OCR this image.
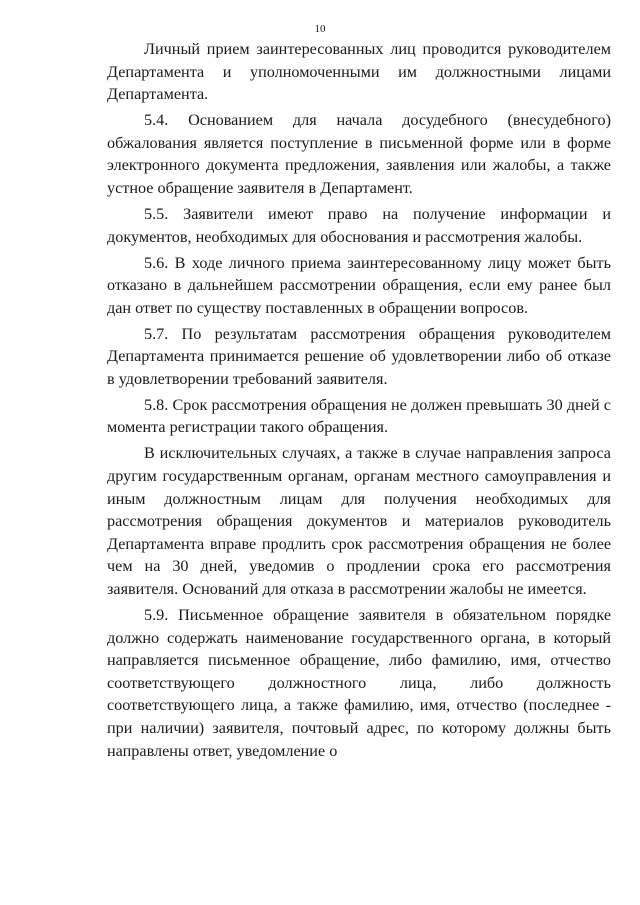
10

Личный прием заинтересованных лиц проводится руководителем Департамента и уполномоченными им должностными лицами Департамента.

5.4. Основанием для начала досудебного (внесудебного) обжалования является поступление в письменной форме или в форме электронного документа предложения, заявления или жалобы, а также устное обращение заявителя в Департамент.

5.5. Заявители имеют право на получение информации и документов, необходимых для обоснования и рассмотрения жалобы.

5.6. В ходе личного приема заинтересованному лицу может быть отказано в дальнейшем рассмотрении обращения, если ему ранее был дан ответ по существу поставленных в обращении вопросов.

5.7. По результатам рассмотрения обращения руководителем Департамента принимается решение об удовлетворении либо об отказе в удовлетворении требований заявителя.

5.8. Срок рассмотрения обращения не должен превышать 30 дней с момента регистрации такого обращения.

В исключительных случаях, а также в случае направления запроса другим государственным органам, органам местного самоуправления и иным должностным лицам для получения необходимых для рассмотрения обращения документов и материалов руководитель Департамента вправе продлить срок рассмотрения обращения не более чем на 30 дней, уведомив о продлении срока его рассмотрения заявителя. Оснований для отказа в рассмотрении жалобы не имеется.

5.9. Письменное обращение заявителя в обязательном порядке должно содержать наименование государственного органа, в который направляется письменное обращение, либо фамилию, имя, отчество соответствующего должностного лица, либо должность соответствующего лица, а также фамилию, имя, отчество (последнее - при наличии) заявителя, почтовый адрес, по которому должны быть направлены ответ, уведомление о
